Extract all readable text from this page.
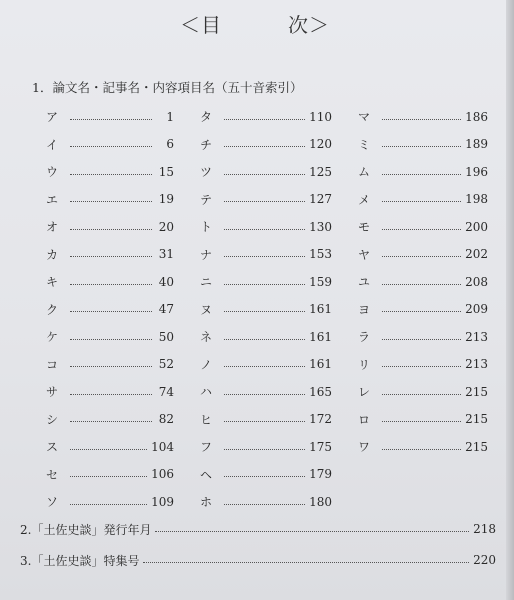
＜目	次＞
1．論文名・記事名・内容項目名（五十音索引）
ア	1
イ	6
ウ	15
エ	19
オ	20
カ	31
キ	40
ク	47
ケ	50
コ	52
サ	74
シ	82
ス	104
セ	106
ソ	109
タ	110
チ	120
ツ	125
テ	127
ト	130
ナ	153
ニ	159
ヌ	161
ネ	161
ノ	161
ハ	165
ヒ	172
フ	175
ヘ	179
ホ	180
マ	186
ミ	189
ム	196
メ	198
モ	200
ヤ	202
ユ	208
ヨ	209
ラ	213
リ	213
レ	215
ロ	215
ワ	215
2.「土佐史談」発行年月	218
3.「土佐史談」特集号	220
